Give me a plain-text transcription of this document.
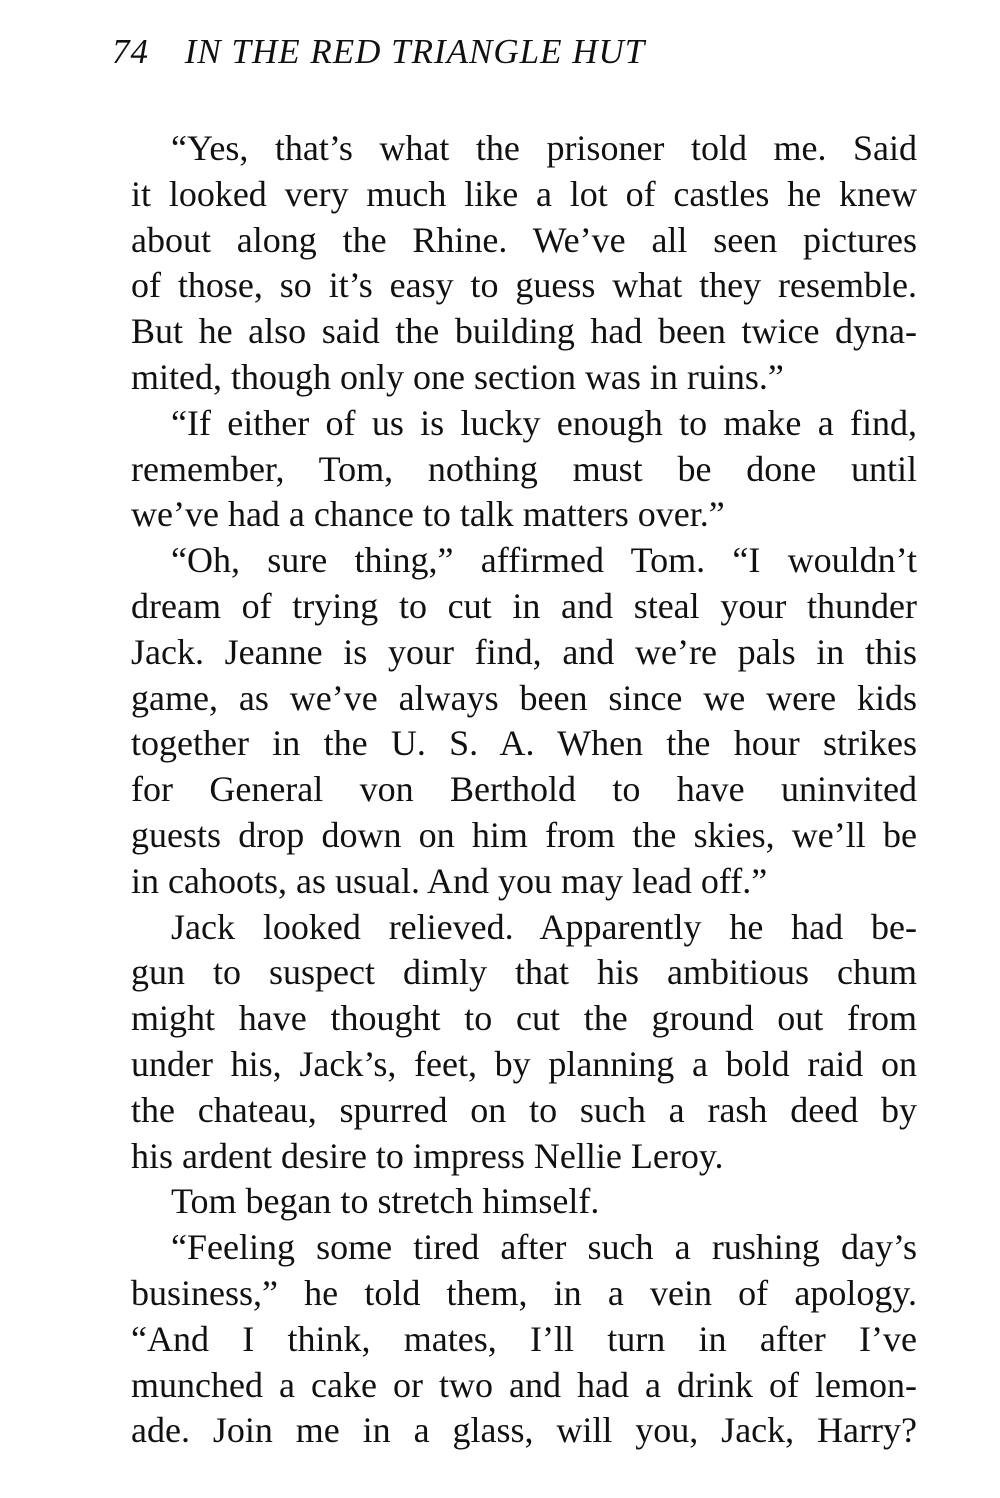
74 IN THE RED TRIANGLE HUT
“Yes, that’s what the prisoner told me. Said
it looked very much like a lot of castles he knew
about along the Rhine. We’ve all seen pictures
of those, so it’s easy to guess what they resemble.
But he also said the building had been twice dyna-
mited, though only one section was in ruins.”
“If either of us is lucky enough to make a find,
remember, Tom, nothing must be done until
we’ve had a chance to talk matters over.”
“Oh, sure thing,” affirmed Tom. “I wouldn’t
dream of trying to cut in and steal your thunder
Jack. Jeanne is your find, and we’re pals in this
game, as we’ve always been since we were kids
together in the U. S. A. When the hour strikes
for General von Berthold to have uninvited
guests drop down on him from the skies, we’ll be
in cahoots, as usual. And you may lead off.”
Jack looked relieved. Apparently he had be-
gun to suspect dimly that his ambitious chum
might have thought to cut the ground out from
under his, Jack’s, feet, by planning a bold raid on
the chateau, spurred on to such a rash deed by
his ardent desire to impress Nellie Leroy.
Tom began to stretch himself.
“Feeling some tired after such a rushing day’s
business,” he told them, in a vein of apology.
“And I think, mates, I’ll turn in after I’ve
munched a cake or two and had a drink of lemon-
ade. Join me in a glass, will you, Jack, Harry?
